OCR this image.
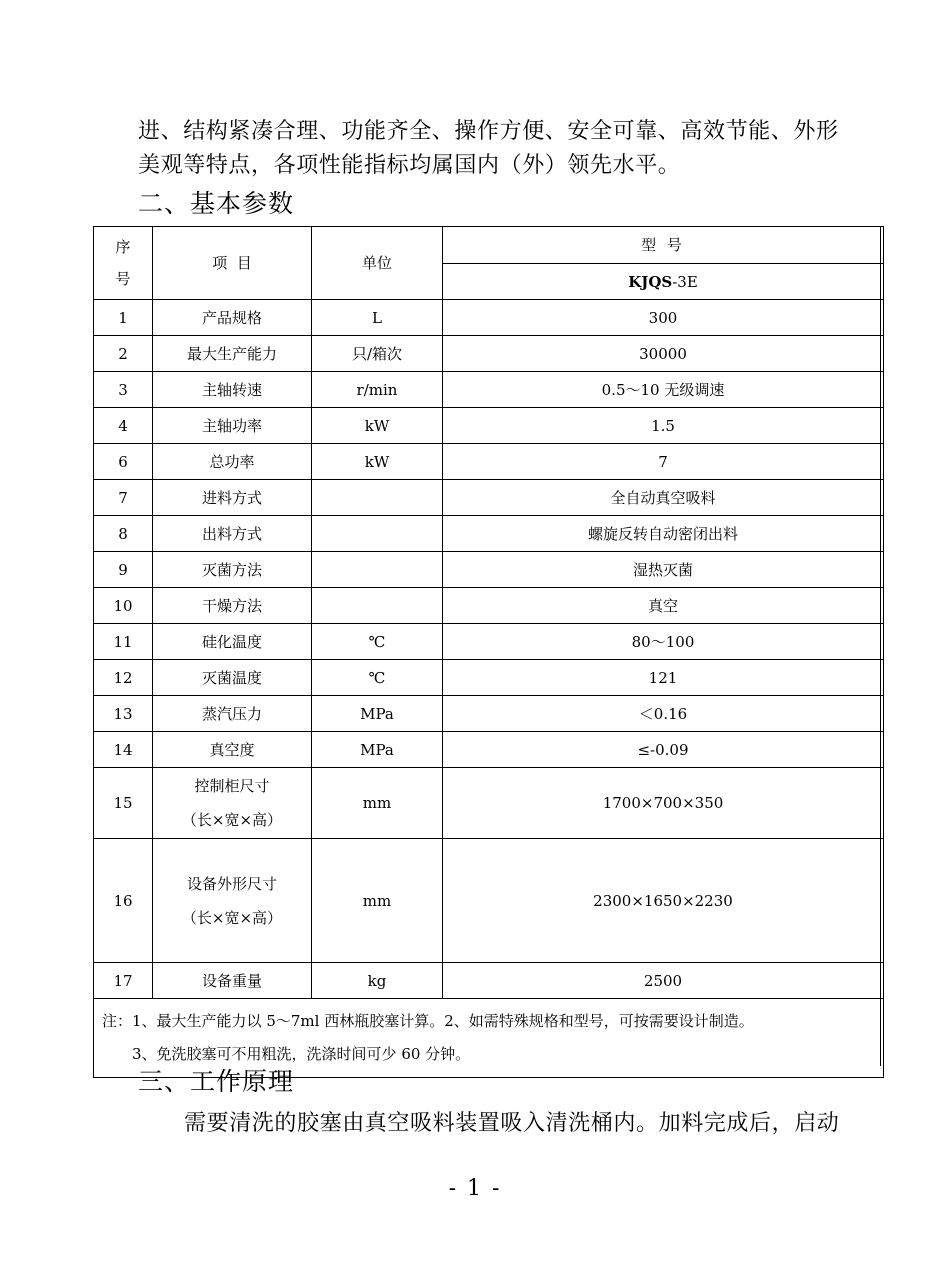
进、结构紧凑合理、功能齐全、操作方便、安全可靠、高效节能、外形
美观等特点，各项性能指标均属国内（外）领先水平。
二、基本参数
序
号	项  目	单位	型 号
			KJQS-3E
1	产品规格	L	300
2	最大生产能力	只/箱次	30000
3	主轴转速	r/min	0.5～10 无级调速
4	主轴功率	kW	1.5
6	总功率	kW	7
7	进料方式		全自动真空吸料
8	出料方式		螺旋反转自动密闭出料
9	灭菌方法		湿热灭菌
10	干燥方法		真空
11	硅化温度	℃	80～100
12	灭菌温度	℃	121
13	蒸汽压力	MPa	＜0.16
14	真空度	MPa	≤-0.09
15	控制柜尺寸
（长×宽×高）	mm	1700×700×350
16	设备外形尺寸
（长×宽×高）	mm	2300×1650×2230
17	设备重量	kg	2500

注：1、最大生产能力以 5～7ml 西林瓶胶塞计算。2、如需特殊规格和型号，可按需要设计制造。
3、免洗胶塞可不用粗洗，洗涤时间可少 60 分钟。			
三、工作原理
需要清洗的胶塞由真空吸料装置吸入清洗桶内。加料完成后，启动
- 1 -
